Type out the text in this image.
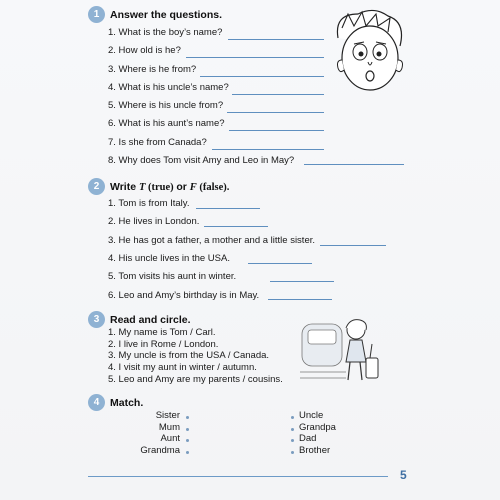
1	Answer the questions.
1. What is the boy’s name?
2. How old is he?
3. Where is he from?
4. What is his uncle’s name?
5. Where is his uncle from?
6. What is his aunt’s name?
7. Is she from Canada?
8. Why does Tom visit Amy and Leo in May?
2	Write T (true) or F (false).
1. Tom is from Italy.
2. He lives in London.
3. He has got a father, a mother and a little sister.
4. His uncle lives in the USA.
5. Tom visits his aunt in winter.
6. Leo and Amy’s birthday is in May.
3	Read and circle.
1. My name is Tom / Carl.
2. I live in Rome / London.
3. My uncle is from the USA / Canada.
4. I visit my aunt in winter / autumn.
5. Leo and Amy are my parents / cousins.
4	Match.
Sister
Mum
Aunt
Grandma
Uncle
Grandpa
Dad
Brother
5
